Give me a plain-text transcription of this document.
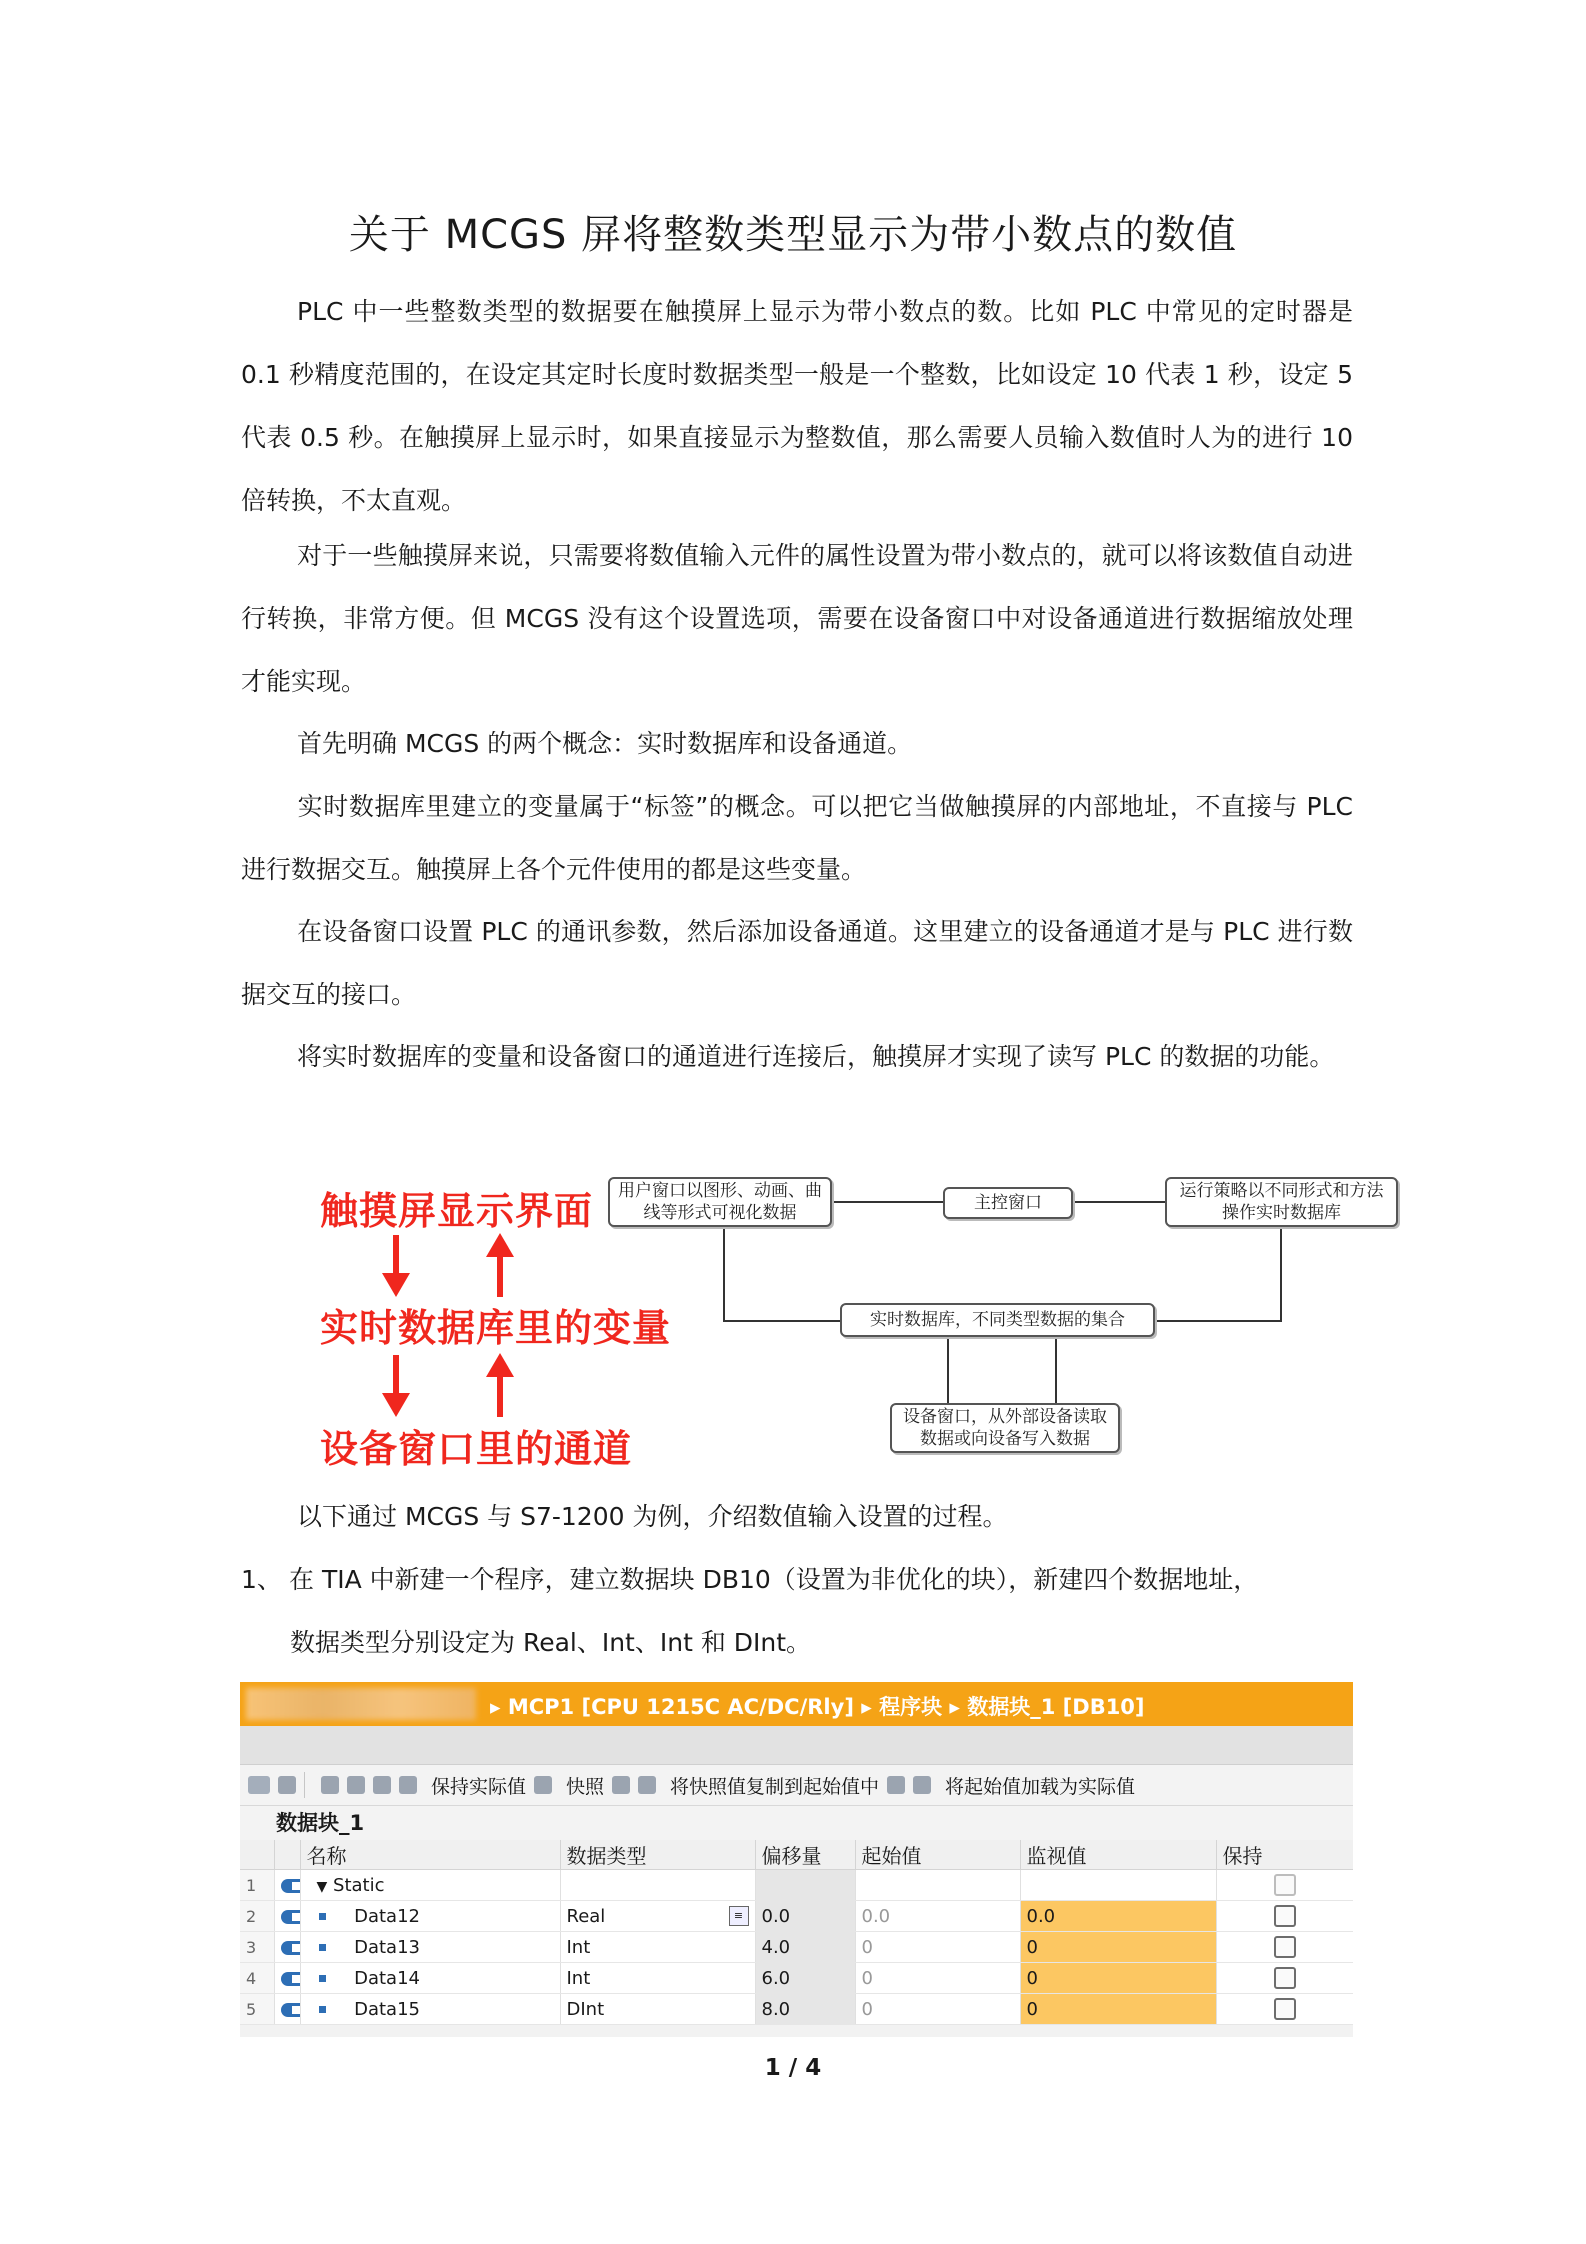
关于 MCGS 屏将整数类型显示为带小数点的数值
PLC 中一些整数类型的数据要在触摸屏上显示为带小数点的数。比如 PLC 中常见的定时器是 0.1 秒精度范围的，在设定其定时长度时数据类型一般是一个整数，比如设定 10 代表 1 秒，设定 5 代表 0.5 秒。在触摸屏上显示时，如果直接显示为整数值，那么需要人员输入数值时人为的进行 10 倍转换，不太直观。
对于一些触摸屏来说，只需要将数值输入元件的属性设置为带小数点的，就可以将该数值自动进行转换，非常方便。但 MCGS 没有这个设置选项，需要在设备窗口中对设备通道进行数据缩放处理才能实现。
首先明确 MCGS 的两个概念：实时数据库和设备通道。
实时数据库里建立的变量属于“标签”的概念。可以把它当做触摸屏的内部地址，不直接与 PLC 进行数据交互。触摸屏上各个元件使用的都是这些变量。
在设备窗口设置 PLC 的通讯参数，然后添加设备通道。这里建立的设备通道才是与 PLC 进行数据交互的接口。
将实时数据库的变量和设备窗口的通道进行连接后，触摸屏才实现了读写 PLC 的数据的功能。
触摸屏显示界面
实时数据库里的变量
设备窗口里的通道
用户窗口以图形、动画、曲线等形式可视化数据	主控窗口
运行策略以不同形式和方法操作实时数据库
实时数据库，不同类型数据的集合
设备窗口，从外部设备读取数据或向设备写入数据
以下通过 MCGS 与 S7-1200 为例，介绍数值输入设置的过程。
1、 在 TIA 中新建一个程序，建立数据块 DB10（设置为非优化的块），新建四个数据地址，
数据类型分别设定为 Real、Int、Int 和 DInt。
▸ MCP1 [CPU 1215C AC/DC/Rly] ▸ 程序块 ▸ 数据块_1 [DB10]
保持实际值 快照	将快照值复制到起始值中	将起始值加载为实际值
数据块_1
		名称	数据类型	偏移量	起始值	监视值	保持
1		▼ Static					
2		Data12	Real ≡	0.0	0.0	0.0	
3		Data13	Int	4.0	0	0	
4		Data14	Int	6.0	0	0	
5		Data15	DInt	8.0	0	0	
1 / 4
